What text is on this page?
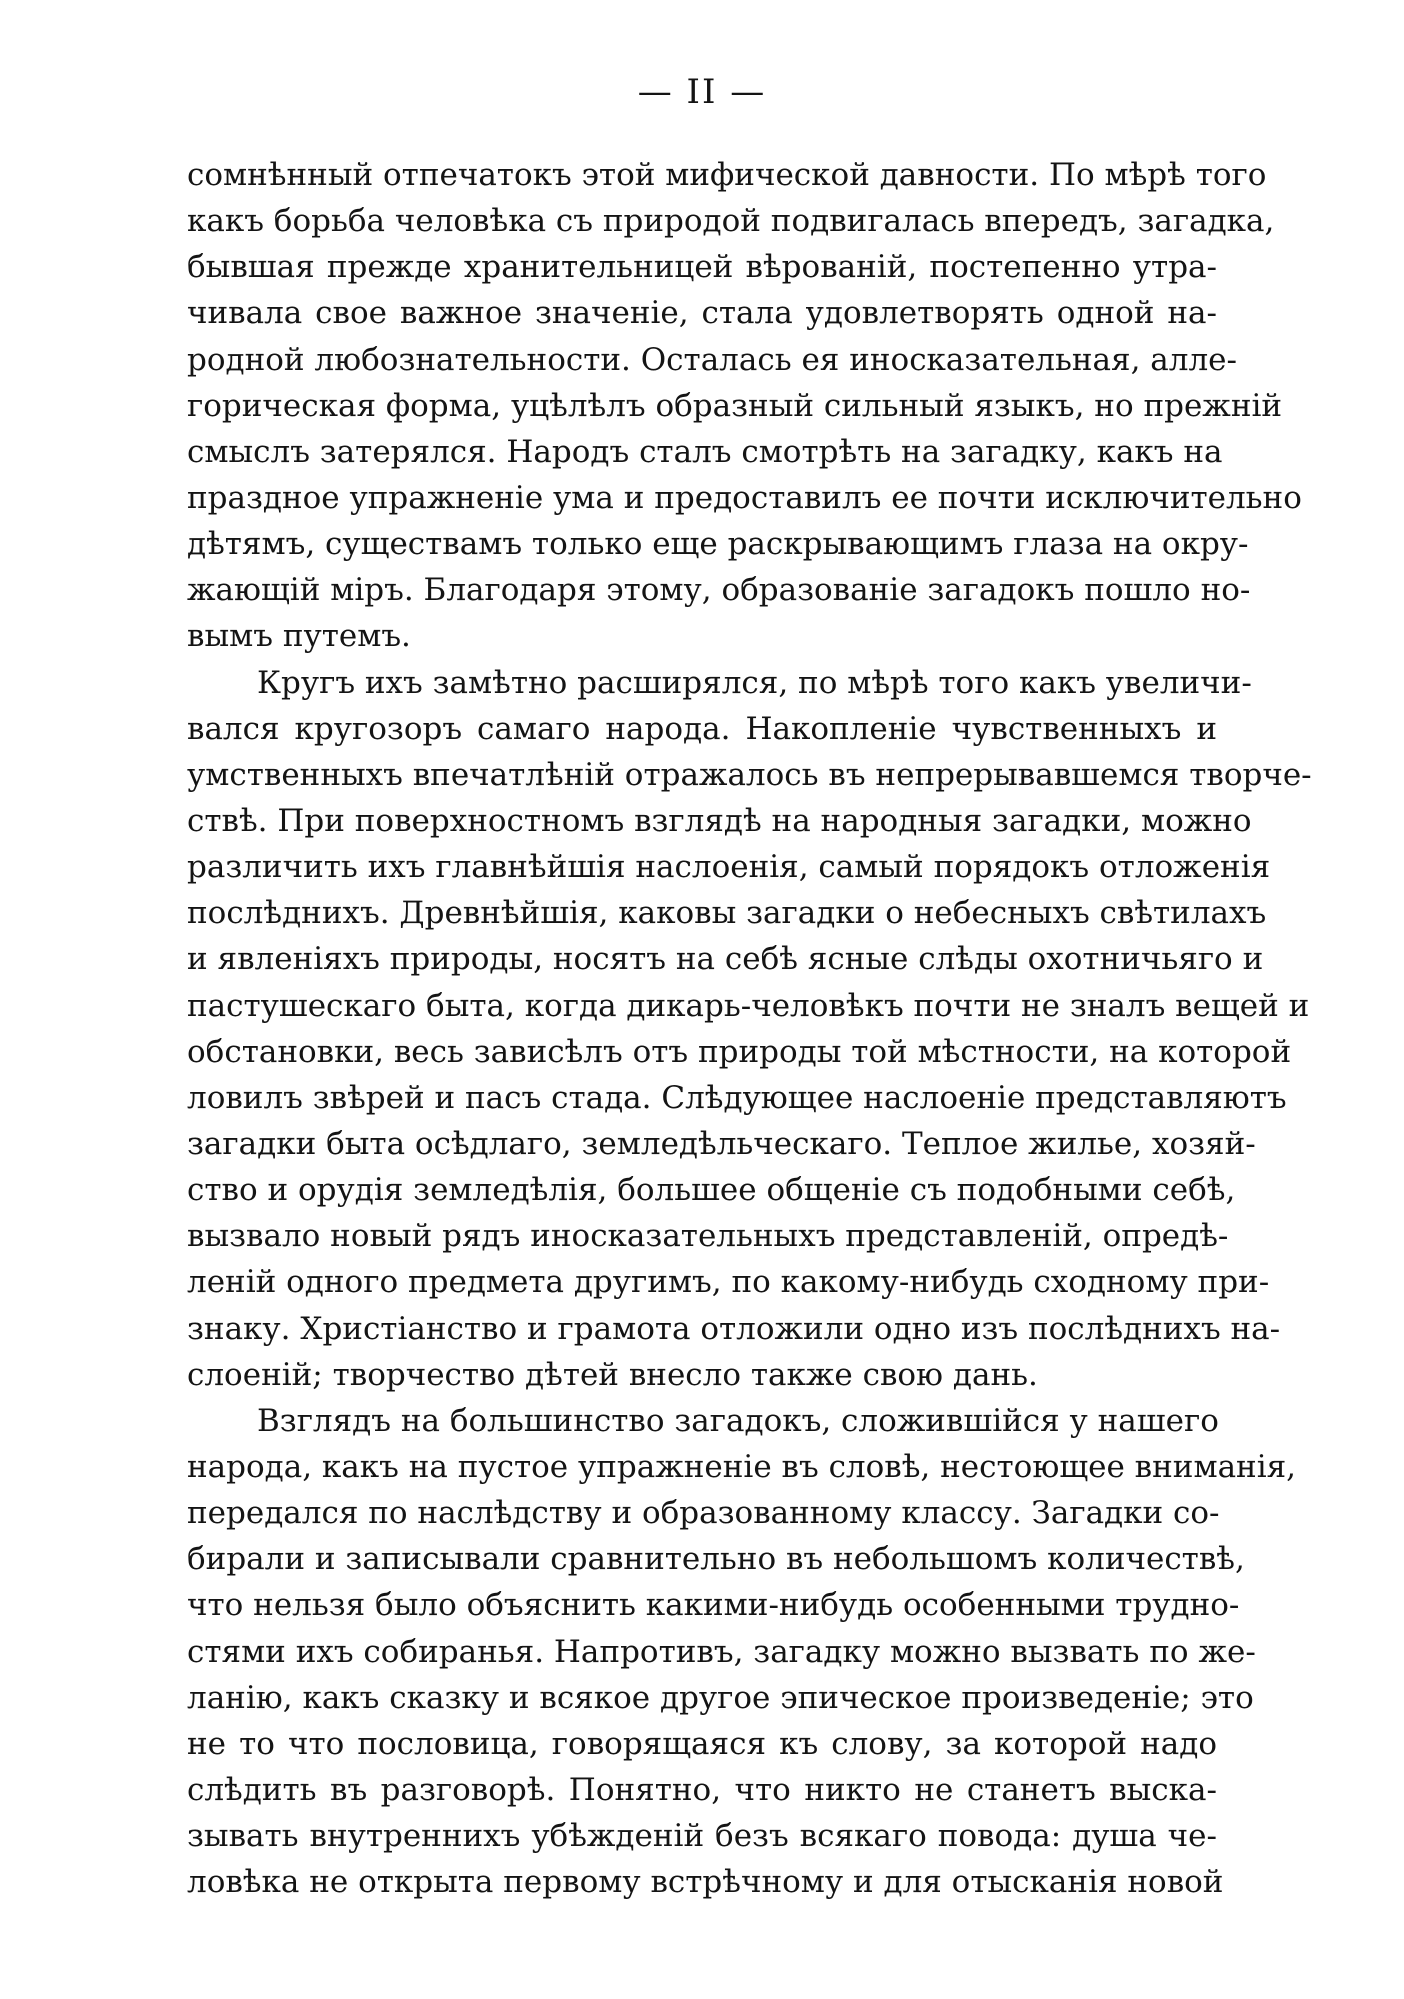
— II —
сомнѣнный отпечатокъ этой мифической давности. По мѣрѣ того
какъ борьба человѣка съ природой подвигалась впередъ, загадка,
бывшая прежде хранительницей вѣрованій, постепенно утра-
чивала свое важное значеніе, стала удовлетворять одной на-
родной любознательности. Осталась ея иносказательная, алле-
горическая форма, уцѣлѣлъ образный сильный языкъ, но прежній
смыслъ затерялся. Народъ сталъ смотрѣть на загадку, какъ на
праздное упражненіе ума и предоставилъ ее почти исключительно
дѣтямъ, существамъ только еще раскрывающимъ глаза на окру-
жающій міръ. Благодаря этому, образованіе загадокъ пошло но-
вымъ путемъ.
Кругъ ихъ замѣтно расширялся, по мѣрѣ того какъ увеличи-
вался кругозоръ самаго народа. Накопленіе чувственныхъ и
умственныхъ впечатлѣній отражалось въ непрерывавшемся творче-
ствѣ. При поверхностномъ взглядѣ на народныя загадки, можно
различить ихъ главнѣйшія наслоенія, самый порядокъ отложенія
послѣднихъ. Древнѣйшія, каковы загадки о небесныхъ свѣтилахъ
и явленіяхъ природы, носятъ на себѣ ясные слѣды охотничьяго и
пастушескаго быта, когда дикарь-человѣкъ почти не зналъ вещей и
обстановки, весь зависѣлъ отъ природы той мѣстности, на которой
ловилъ звѣрей и пасъ стада. Слѣдующее наслоеніе представляютъ
загадки быта осѣдлаго, земледѣльческаго. Теплое жилье, хозяй-
ство и орудія земледѣлія, большее общеніе съ подобными себѣ,
вызвало новый рядъ иносказательныхъ представленій, опредѣ-
леній одного предмета другимъ, по какому-нибудь сходному при-
знаку. Христіанство и грамота отложили одно изъ послѣднихъ на-
слоеній; творчество дѣтей внесло также свою дань.
Взглядъ на большинство загадокъ, сложившійся у нашего
народа, какъ на пустое упражненіе въ словѣ, нестоющее вниманія,
передался по наслѣдству и образованному классу. Загадки со-
бирали и записывали сравнительно въ небольшомъ количествѣ,
что нельзя было объяснить какими-нибудь особенными трудно-
стями ихъ собиранья. Напротивъ, загадку можно вызвать по же-
ланію, какъ сказку и всякое другое эпическое произведеніе; это
не то что пословица, говорящаяся къ слову, за которой надо
слѣдить въ разговорѣ. Понятно, что никто не станетъ выска-
зывать внутреннихъ убѣжденій безъ всякаго повода: душа че-
ловѣка не открыта первому встрѣчному и для отысканія новой
